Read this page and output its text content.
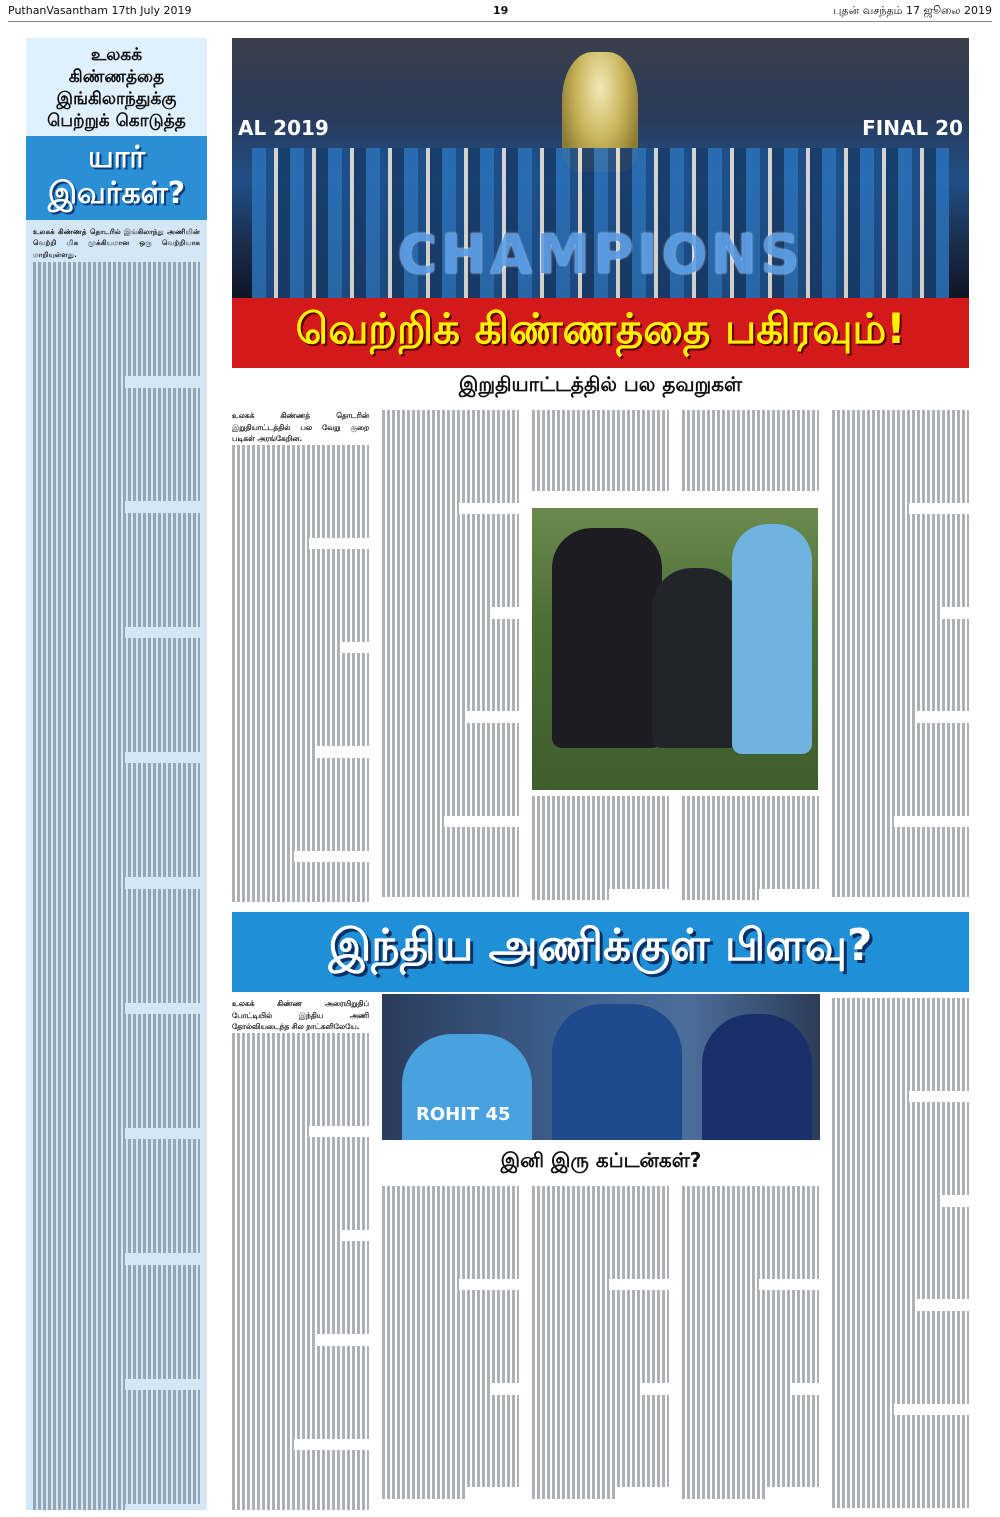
PuthanVasantham 17th July 2019	19	புதன் வசந்தம் 17 ஜூலை 2019
உலகக்
கிண்ணத்தை
இங்கிலாந்துக்கு
பெற்றுக் கொடுத்த
யார்
இவர்கள்?
உலகக் கிண்ணத் தொடரில் இங்கிலாந்து அணியின் வெற்றி மிக முக்கியமான ஒரு வெற்றியாக மாறியுள்ளது.
AL 2019	FINAL 20
CHAMPIONS
வெற்றிக் கிண்ணத்தை பகிரவும்!
இறுதியாட்டத்தில் பல தவறுகள்
உலகக் கிண்ணத் தொடரின் இறுதியாட்டத்தில் பல வேறு குறை படிகள் அரங்கேறின.
இந்திய அணிக்குள் பிளவு?
உலகக் கிண்ண அரையிறுதிப் போட்டியில் இந்திய அணி தோல்வியடைந்த சில நாட்களிலேயே.
ROHIT 45
இனி இரு கப்டன்கள்?
